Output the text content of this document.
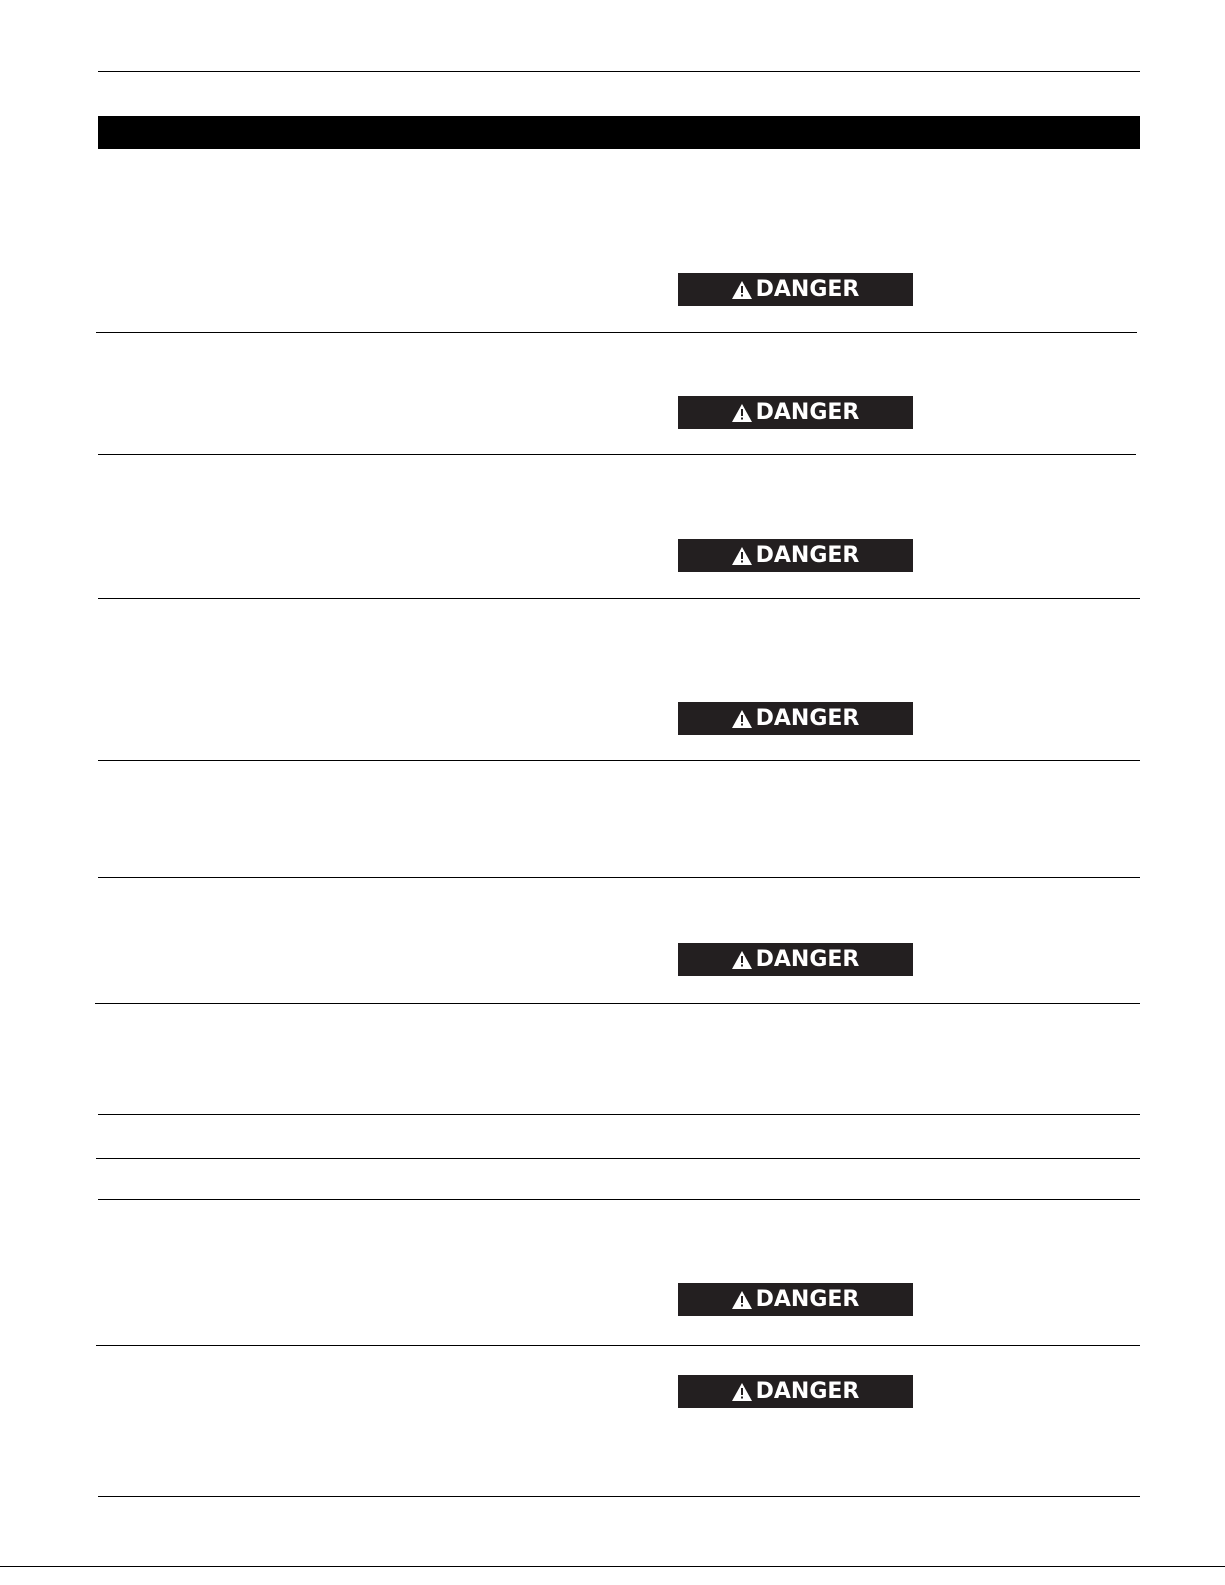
DANGER
DANGER
DANGER
DANGER
DANGER
DANGER
DANGER
